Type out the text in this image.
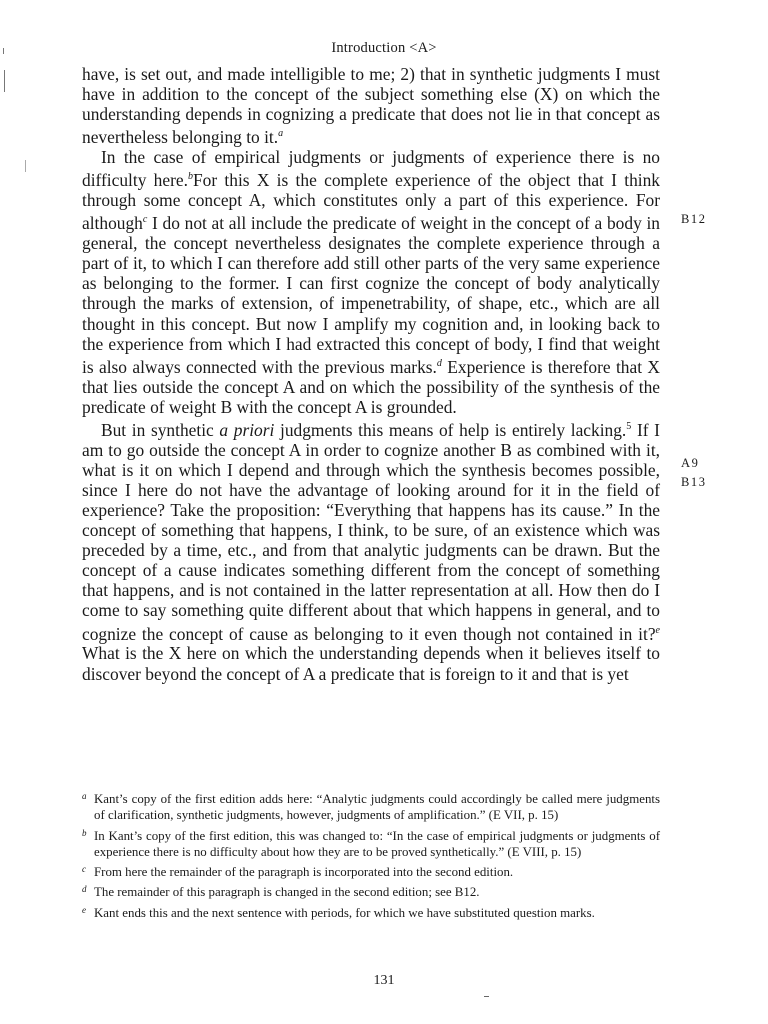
Introduction <A>

have, is set out, and made intelligible to me; 2) that in synthetic judgments I must have in addition to the concept of the subject something else (X) on which the understanding depends in cognizing a predicate that does not lie in that concept as nevertheless belonging to it.$^a$

In the case of empirical judgments or judgments of experience there is no difficulty here.$^b$For this X is the complete experience of the object that I think through some concept A, which constitutes only a part of this experience. For although$^c$ I do not at all include the predicate of weight in the concept of a body in general, the concept nevertheless designates the complete experience through a part of it, to which I can therefore add still other parts of the very same experience as belonging to the former. I can first cognize the concept of body analytically through the marks of extension, of impenetrability, of shape, etc., which are all thought in this concept. But now I amplify my cognition and, in looking back to the experience from which I had extracted this concept of body, I find that weight is also always connected with the previous marks.$^d$ Experience is therefore that X that lies outside the concept A and on which the possibility of the synthesis of the predicate of weight B with the concept A is grounded.

But in synthetic a priori judgments this means of help is entirely lacking.$^5$ If I am to go outside the concept A in order to cognize another B as combined with it, what is it on which I depend and through which the synthesis becomes possible, since I here do not have the advantage of looking around for it in the field of experience? Take the proposition: “Everything that happens has its cause.” In the concept of something that happens, I think, to be sure, of an existence which was preceded by a time, etc., and from that analytic judgments can be drawn. But the concept of a cause indicates something different from the concept of something that happens, and is not contained in the latter representation at all. How then do I come to say something quite different about that which happens in general, and to cognize the concept of cause as belonging to it even though not contained in it?$^e$ What is the X here on which the understanding depends when it believes itself to discover beyond the concept of A a predicate that is foreign to it and that is yet

B12
A9
B13

a Kant’s copy of the first edition adds here: “Analytic judgments could accordingly be called mere judgments of clarification, synthetic judgments, however, judgments of amplification.” (E VII, p. 15)

b In Kant’s copy of the first edition, this was changed to: “In the case of empirical judgments or judgments of experience there is no difficulty about how they are to be proved synthetically.” (E VIII, p. 15)

c From here the remainder of the paragraph is incorporated into the second edition.

d The remainder of this paragraph is changed in the second edition; see B12.

e Kant ends this and the next sentence with periods, for which we have substituted question marks.

131
